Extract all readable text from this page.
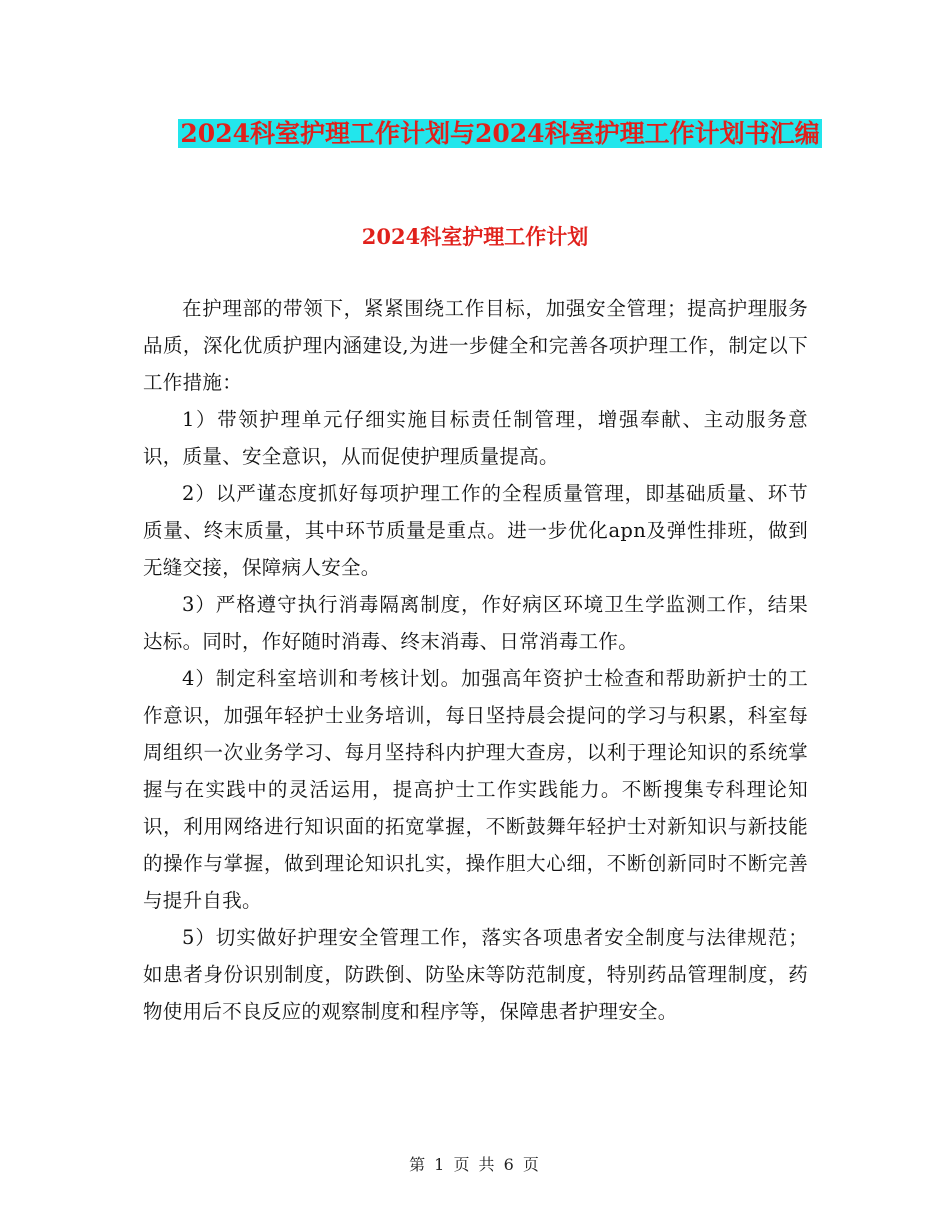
2024科室护理工作计划与2024科室护理工作计划书汇编
2024科室护理工作计划

在护理部的带领下，紧紧围绕工作目标，加强安全管理；提高护理服务品质，深化优质护理内涵建设,为进一步健全和完善各项护理工作，制定以下工作措施：

1）带领护理单元仔细实施目标责任制管理，增强奉献、主动服务意识，质量、安全意识，从而促使护理质量提高。

2）以严谨态度抓好每项护理工作的全程质量管理，即基础质量、环节质量、终末质量，其中环节质量是重点。进一步优化apn及弹性排班，做到无缝交接，保障病人安全。

3）严格遵守执行消毒隔离制度，作好病区环境卫生学监测工作，结果达标。同时，作好随时消毒、终末消毒、日常消毒工作。

4）制定科室培训和考核计划。加强高年资护士检查和帮助新护士的工作意识，加强年轻护士业务培训，每日坚持晨会提问的学习与积累，科室每周组织一次业务学习、每月坚持科内护理大查房，以利于理论知识的系统掌握与在实践中的灵活运用，提高护士工作实践能力。不断搜集专科理论知识，利用网络进行知识面的拓宽掌握，不断鼓舞年轻护士对新知识与新技能的操作与掌握，做到理论知识扎实，操作胆大心细，不断创新同时不断完善与提升自我。

5）切实做好护理安全管理工作，落实各项患者安全制度与法律规范；如患者身份识别制度，防跌倒、防坠床等防范制度，特别药品管理制度，药物使用后不良反应的观察制度和程序等，保障患者护理安全。

第 1 页 共 6 页
